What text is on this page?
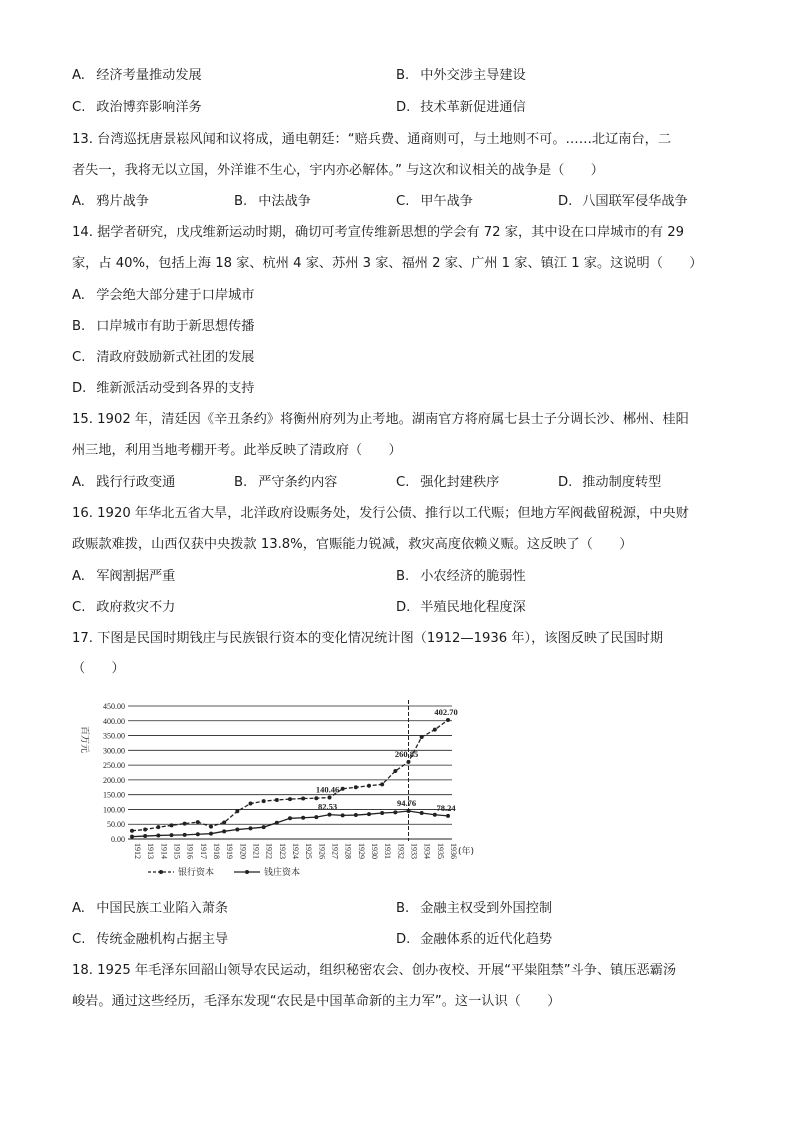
A. 经济考量推动发展	B. 中外交涉主导建设
C. 政治博弈影响洋务	D. 技术革新促进通信
13. 台湾巡抚唐景崧风闻和议将成，通电朝廷：“赔兵费、通商则可，与土地则不可。……北辽南台，二
者失一，我将无以立国，外洋谁不生心，宇内亦必解体。” 与这次和议相关的战争是（　　）
A. 鸦片战争	B. 中法战争	C. 甲午战争	D. 八国联军侵华战争
14. 据学者研究，戊戌维新运动时期，确切可考宣传维新思想的学会有 72 家，其中设在口岸城市的有 29
家，占 40%，包括上海 18 家、杭州 4 家、苏州 3 家、福州 2 家、广州 1 家、镇江 1 家。这说明（　　）
A. 学会绝大部分建于口岸城市
B. 口岸城市有助于新思想传播
C. 清政府鼓励新式社团的发展
D. 维新派活动受到各界的支持
15. 1902 年，清廷因《辛丑条约》将衡州府列为止考地。湖南官方将府属七县士子分调长沙、郴州、桂阳
州三地，利用当地考棚开考。此举反映了清政府（　　）
A. 践行行政变通	B. 严守条约内容	C. 强化封建秩序	D. 推动制度转型
16. 1920 年华北五省大旱，北洋政府设赈务处，发行公债、推行以工代赈；但地方军阀截留税源，中央财
政赈款难拨，山西仅获中央拨款 13.8%，官赈能力锐减，救灾高度依赖义赈。这反映了（　　）
A. 军阀割据严重	B. 小农经济的脆弱性
C. 政府救灾不力	D. 半殖民地化程度深
17. 下图是民国时期钱庄与民族银行资本的变化情况统计图（1912—1936 年），该图反映了民国时期
（　　）
0.00
50.00
100.00
150.00
200.00
250.00
300.00
350.00
400.00
450.00
百万元
1912 1913 1914 1915 1916 1917 1918 1919 1920 1921 1922 1923 1924 1925 1926 1927 1928 1929 1930 1931 1932 1933 1934 1935 1936 (年)
140.46
82.53
260.85
94.76
402.70
78.24
银行资本	钱庄资本
A. 中国民族工业陷入萧条	B. 金融主权受到外国控制
C. 传统金融机构占据主导	D. 金融体系的近代化趋势
18. 1925 年毛泽东回韶山领导农民运动，组织秘密农会、创办夜校、开展“平粜阻禁”斗争、镇压恶霸汤
峻岩。通过这些经历，毛泽东发现“农民是中国革命新的主力军”。这一认识（　　）
